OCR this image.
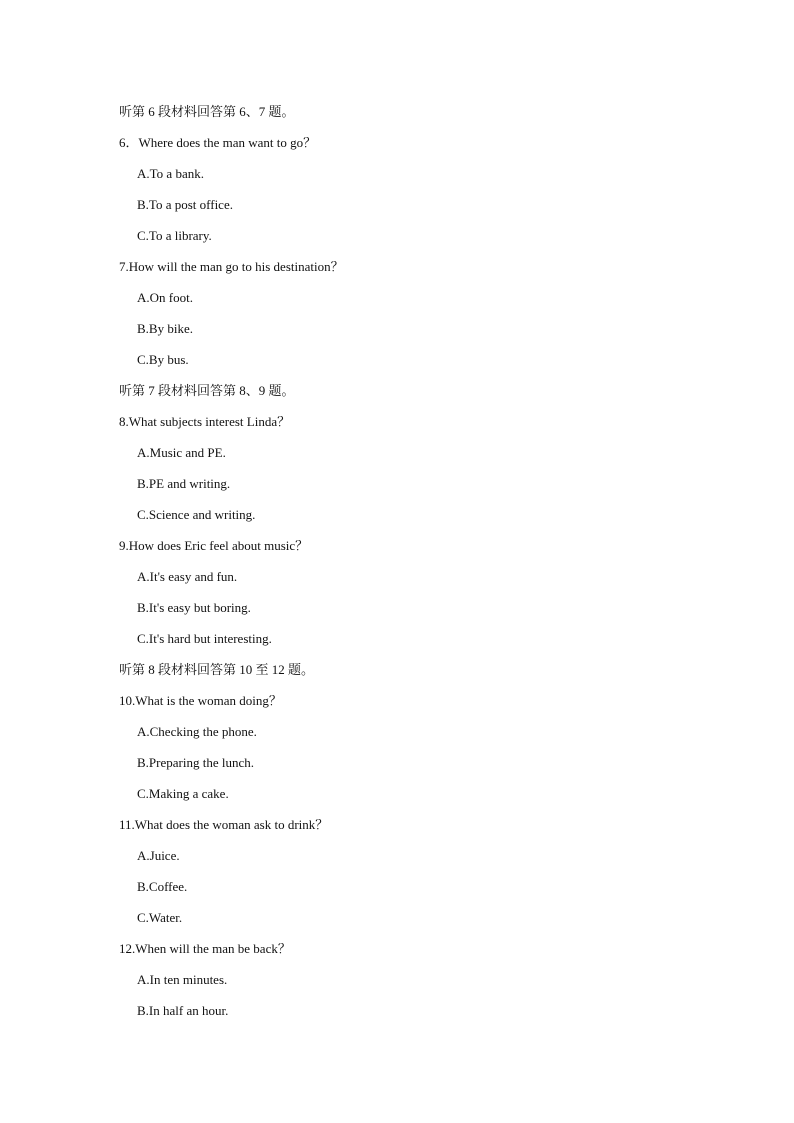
听第 6 段材料回答第 6、7 题。
6．Where does the man want to go？
A.To a bank.
B.To a post office.
C.To a library.
7.How will the man go to his destination？
A.On foot.
B.By bike.
C.By bus.
听第 7 段材料回答第 8、9 题。
8.What subjects interest Linda？
A.Music and PE.
B.PE and writing.
C.Science and writing.
9.How does Eric feel about music？
A.It's easy and fun.
B.It's easy but boring.
C.It's hard but interesting.
听第 8 段材料回答第 10 至 12 题。
10.What is the woman doing？
A.Checking the phone.
B.Preparing the lunch.
C.Making a cake.
11.What does the woman ask to drink？
A.Juice.
B.Coffee.
C.Water.
12.When will the man be back？
A.In ten minutes.
B.In half an hour.
